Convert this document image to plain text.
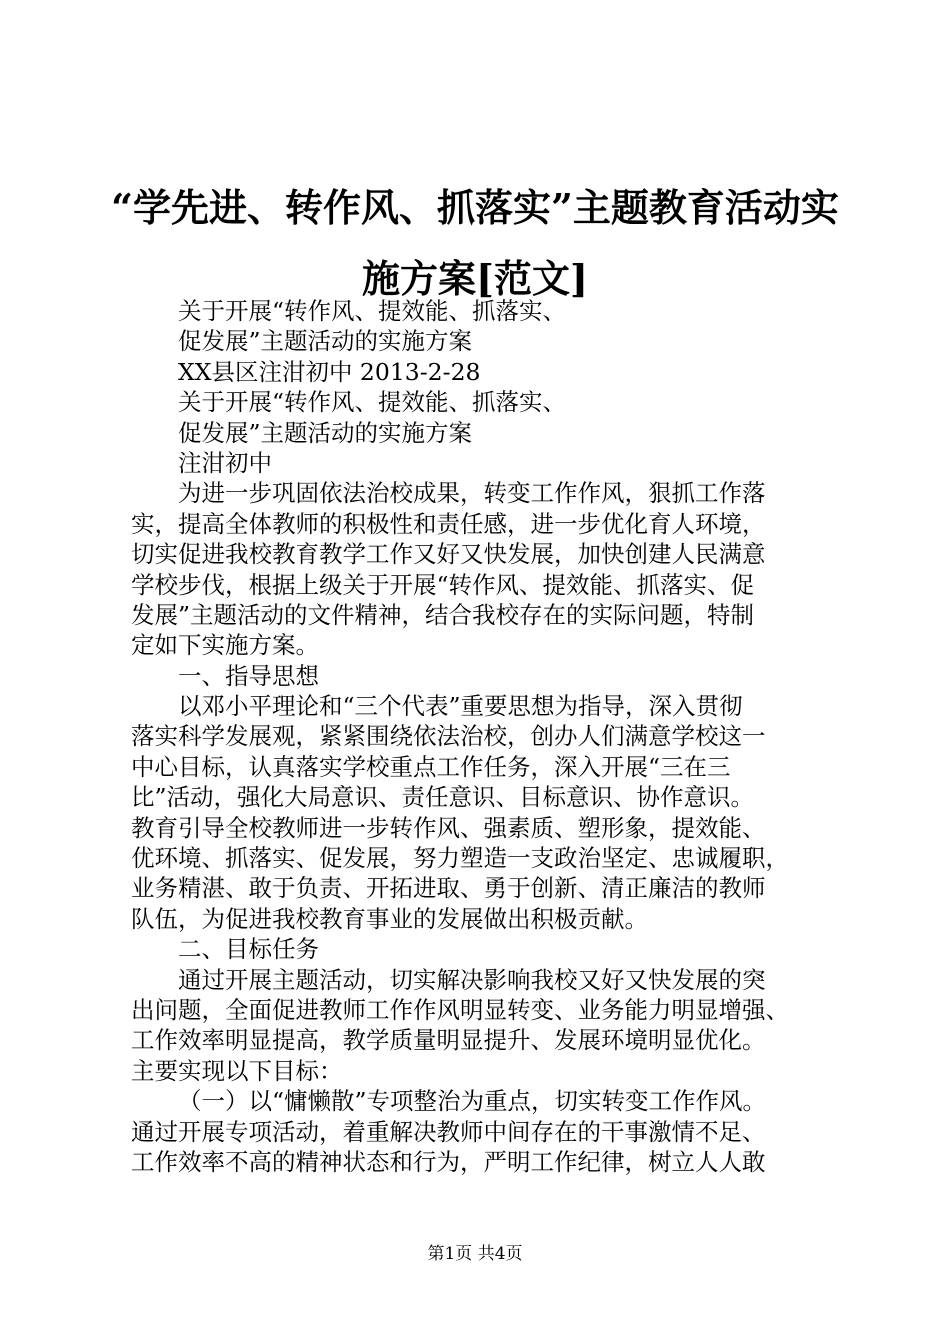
“学先进、转作风、抓落实”主题教育活动实
施方案[范文]
关于开展“转作风、提效能、抓落实、
促发展”主题活动的实施方案
XX县区注泔初中 2013-2-28
关于开展“转作风、提效能、抓落实、
促发展”主题活动的实施方案
注泔初中
为进一步巩固依法治校成果，转变工作作风，狠抓工作落
实，提高全体教师的积极性和责任感，进一步优化育人环境，
切实促进我校教育教学工作又好又快发展，加快创建人民满意
学校步伐，根据上级关于开展“转作风、提效能、抓落实、促
发展”主题活动的文件精神，结合我校存在的实际问题，特制
定如下实施方案。
一、指导思想
以邓小平理论和“三个代表”重要思想为指导，深入贯彻
落实科学发展观，紧紧围绕依法治校，创办人们满意学校这一
中心目标，认真落实学校重点工作任务，深入开展“三在三
比”活动，强化大局意识、责任意识、目标意识、协作意识。
教育引导全校教师进一步转作风、强素质、塑形象，提效能、
优环境、抓落实、促发展，努力塑造一支政治坚定、忠诚履职，
业务精湛、敢于负责、开拓进取、勇于创新、清正廉洁的教师
队伍，为促进我校教育事业的发展做出积极贡献。
二、目标任务
通过开展主题活动，切实解决影响我校又好又快发展的突
出问题，全面促进教师工作作风明显转变、业务能力明显增强、
工作效率明显提高，教学质量明显提升、发展环境明显优化。
主要实现以下目标：
（一）以“慵懒散”专项整治为重点，切实转变工作作风。
通过开展专项活动，着重解决教师中间存在的干事激情不足、
工作效率不高的精神状态和行为，严明工作纪律，树立人人敢
第1页 共4页
